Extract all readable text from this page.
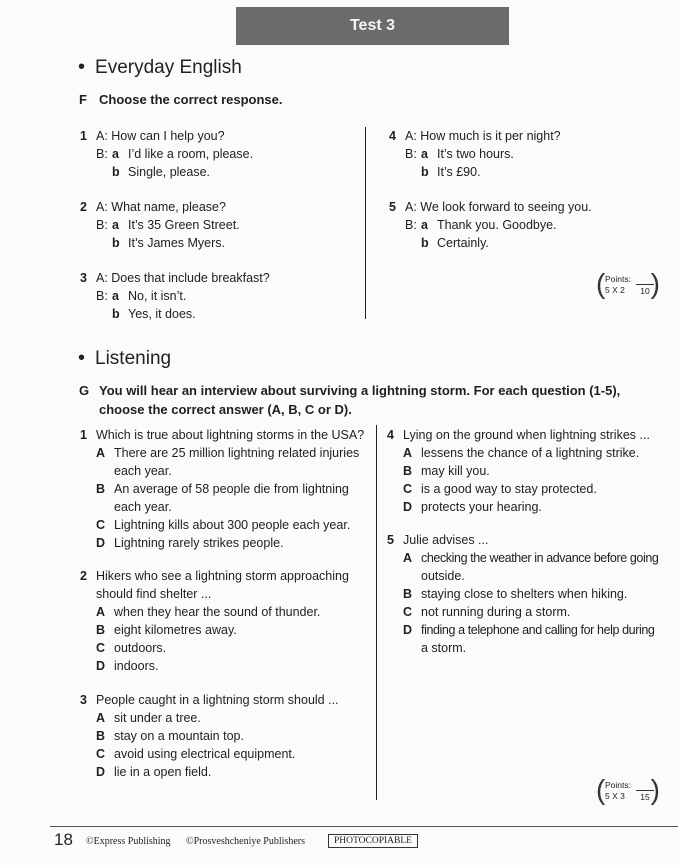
Test 3
• Everyday English
F Choose the correct response.
1 A: How can I help you?
B: a I’d like a room, please.
b Single, please.
2 A: What name, please?
B: a It’s 35 Green Street.
b It’s James Myers.
3 A: Does that include breakfast?
B: a No, it isn’t.
b Yes, it does.
4 A: How much is it per night?
B: a It’s two hours.
b It’s £90.
5 A: We look forward to seeing you.
B: a Thank you. Goodbye.
b Certainly.
( )
Points:
5 X 2	10
• Listening
G You will hear an interview about surviving a lightning storm. For each question (1-5),
choose the correct answer (A, B, C or D).
1 Which is true about lightning storms in the USA?
A There are 25 million lightning related injuries
each year.
B An average of 58 people die from lightning
each year.
C Lightning kills about 300 people each year.
D Lightning rarely strikes people.
2 Hikers who see a lightning storm approaching
should find shelter ...
A when they hear the sound of thunder.
B eight kilometres away.
C outdoors.
D indoors.
3 People caught in a lightning storm should ...
A sit under a tree.
B stay on a mountain top.
C avoid using electrical equipment.
D lie in a open field.
4 Lying on the ground when lightning strikes ...
A lessens the chance of a lightning strike.
B may kill you.
C is a good way to stay protected.
D protects your hearing.
5 Julie advises ...
A checking the weather in advance before going
outside.
B staying close to shelters when hiking.
C not running during a storm.
D finding a telephone and calling for help during
a storm.
( )
Points:
5 X 3	15
18 ©Express Publishing ©Prosveshcheniye Publishers	PHOTOCOPIABLE
